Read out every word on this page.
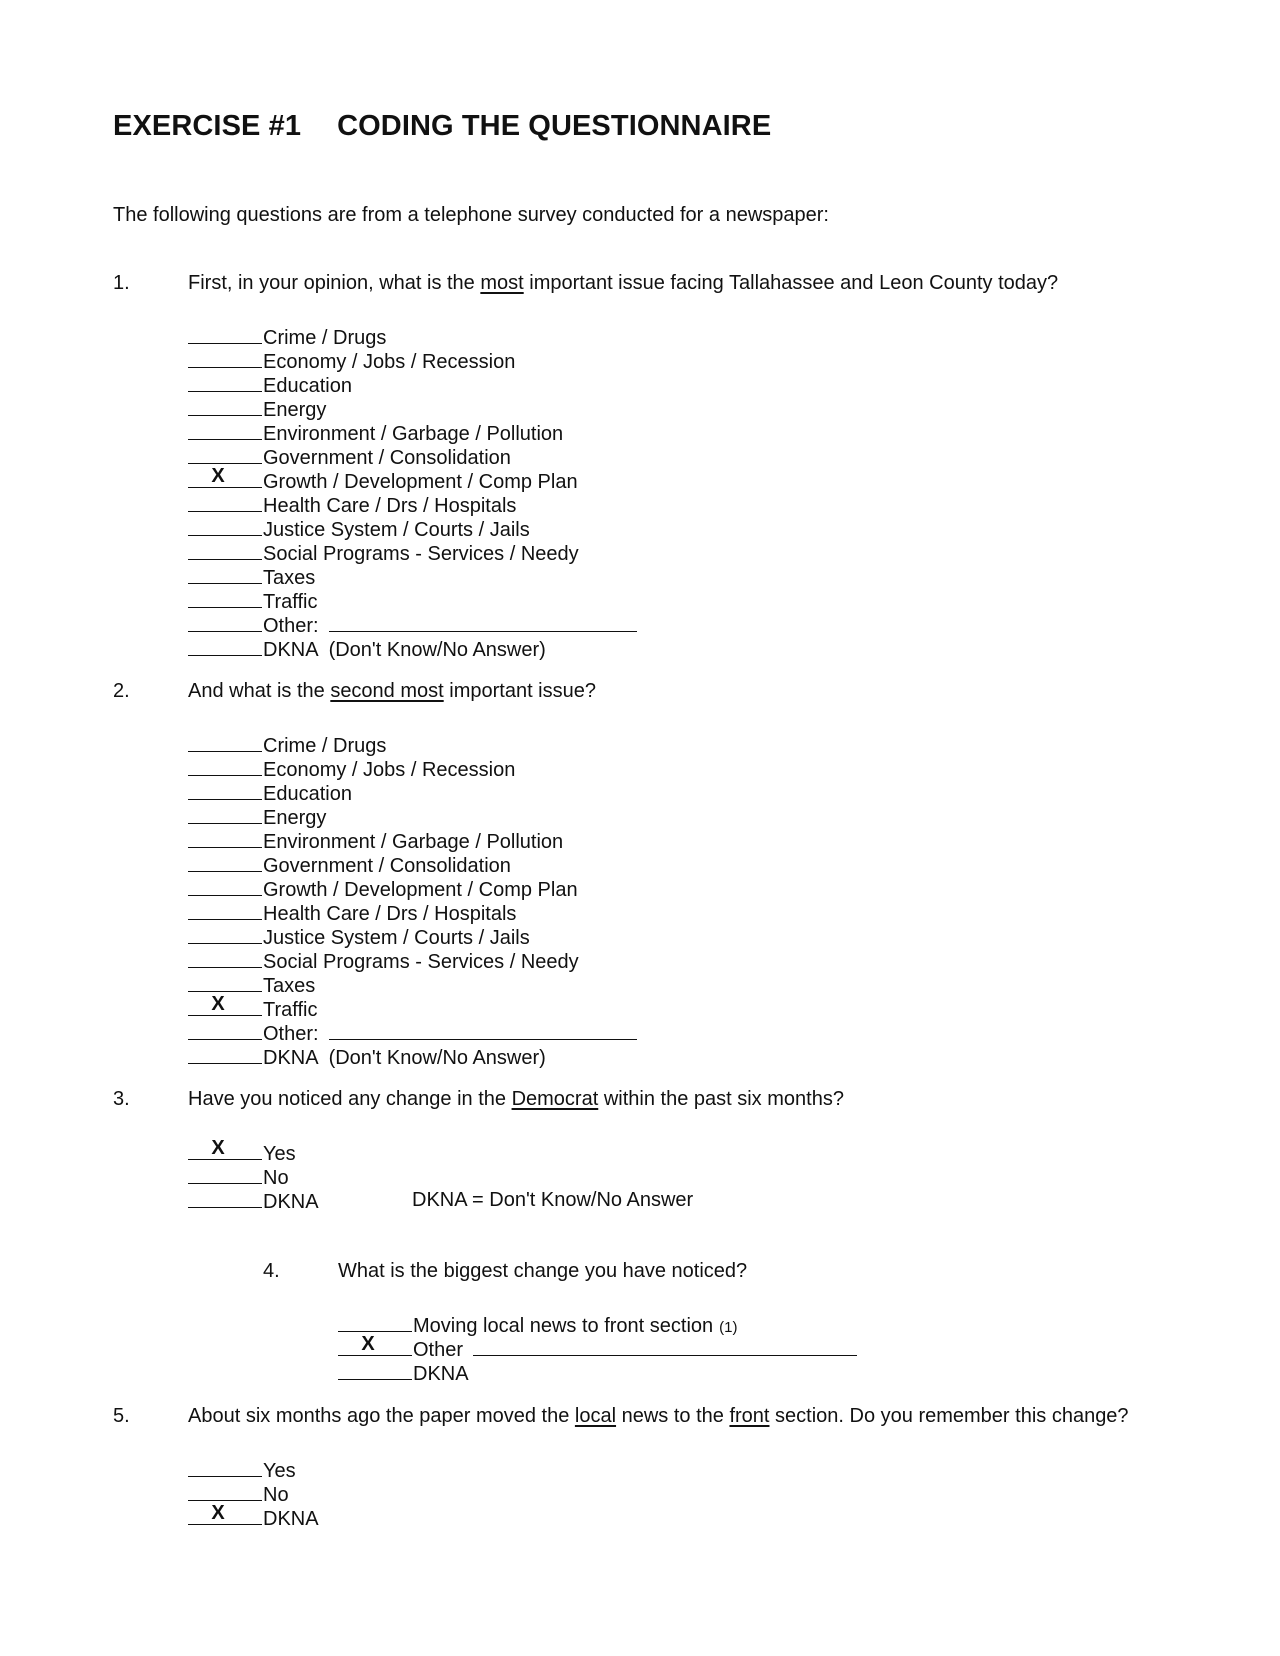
EXERCISE #1 CODING THE QUESTIONNAIRE
The following questions are from a telephone survey conducted for a newspaper:
1.	First, in your opinion, what is the most important issue facing Tallahassee and Leon County today?
Crime / Drugs
Economy / Jobs / Recession
Education
Energy
Environment / Garbage / Pollution
Government / Consolidation
X	Growth / Development / Comp Plan
Health Care / Drs / Hospitals
Justice System / Courts / Jails
Social Programs - Services / Needy
Taxes
Traffic
Other:
DKNA  (Don't Know/No Answer)
2.	And what is the second most important issue?
Crime / Drugs
Economy / Jobs / Recession
Education
Energy
Environment / Garbage / Pollution
Government / Consolidation
Growth / Development / Comp Plan
Health Care / Drs / Hospitals
Justice System / Courts / Jails
Social Programs - Services / Needy
Taxes
X	Traffic
Other:
DKNA  (Don't Know/No Answer)
3.	Have you noticed any change in the Democrat within the past six months?
X	Yes
No
DKNA	DKNA = Don't Know/No Answer
4.	What is the biggest change you have noticed?
Moving local news to front section (1)
X	Other
DKNA
5.	About six months ago the paper moved the local news to the front section. Do you remember this change?
Yes
No
X	DKNA
